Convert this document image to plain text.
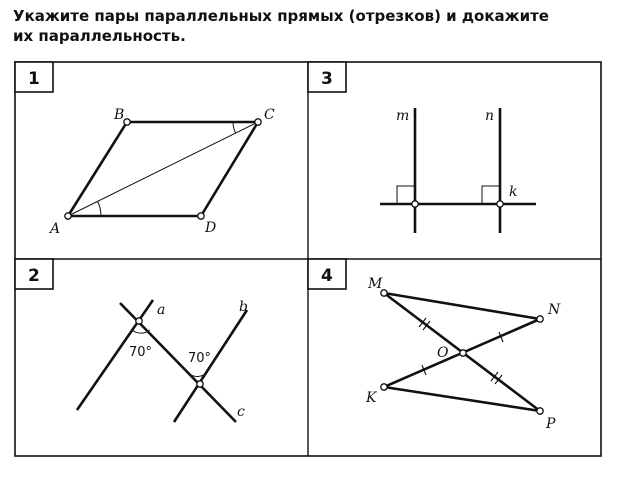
Укажите пары параллельных прямых (отрезков) и докажите
их параллельность.
1
A
B	C
D
3
m	n
k
2
70°	70°
a	b
c
4	M
N
O
K
P
